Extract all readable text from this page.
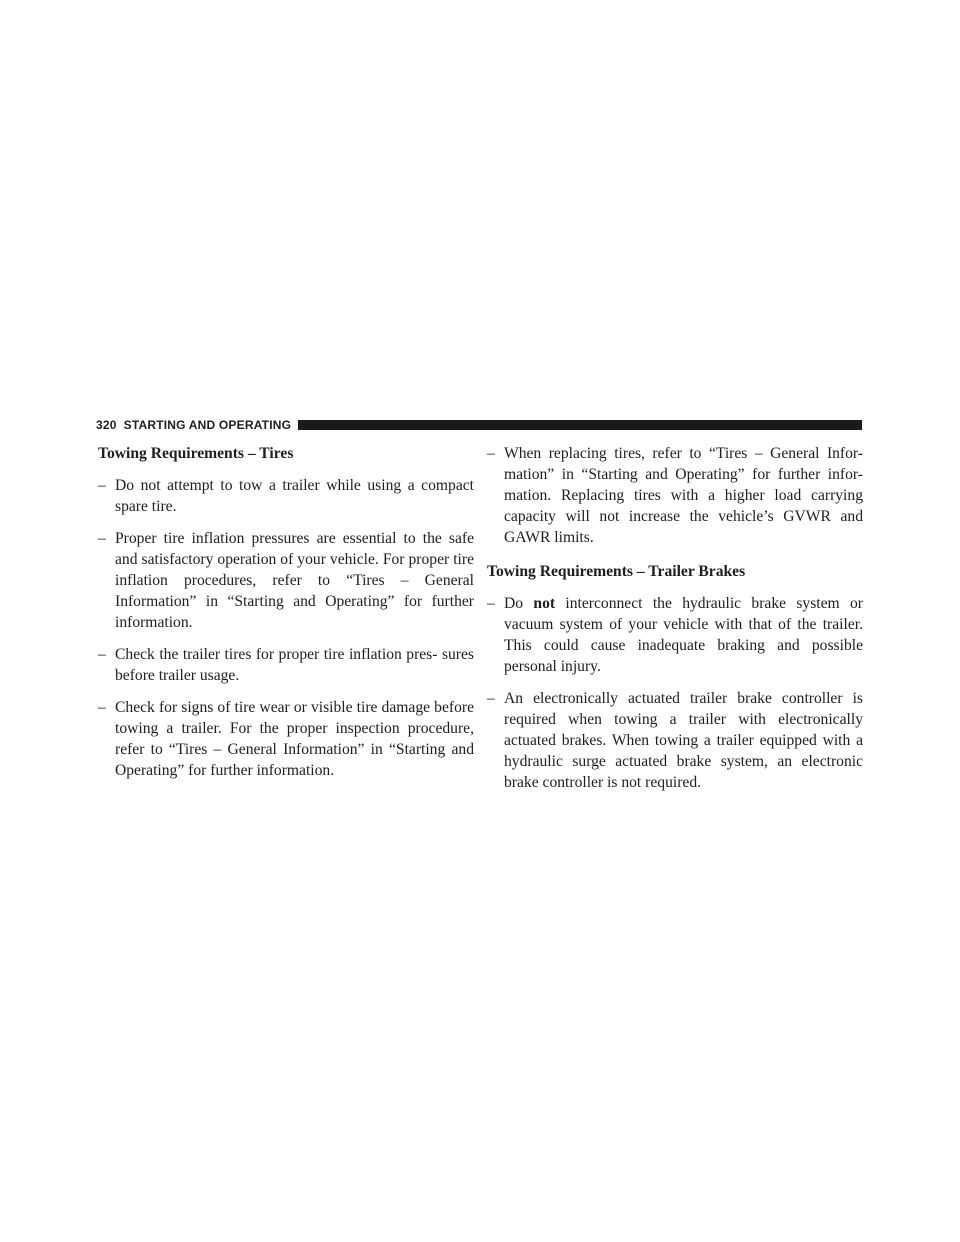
320 STARTING AND OPERATING
Towing Requirements – Tires
– Do not attempt to tow a trailer while using a compact spare tire.
– Proper tire inflation pressures are essential to the safe and satisfactory operation of your vehicle. For proper tire inflation procedures, refer to “Tires – General Information” in “Starting and Operating” for further information.
– Check the trailer tires for proper tire inflation pres- sures before trailer usage.
– Check for signs of tire wear or visible tire damage before towing a trailer. For the proper inspection procedure, refer to “Tires – General Information” in “Starting and Operating” for further information.
– When replacing tires, refer to “Tires – General Infor- mation” in “Starting and Operating” for further infor- mation. Replacing tires with a higher load carrying capacity will not increase the vehicle’s GVWR and GAWR limits.
Towing Requirements – Trailer Brakes
– Do not interconnect the hydraulic brake system or vacuum system of your vehicle with that of the trailer. This could cause inadequate braking and possible personal injury.
– An electronically actuated trailer brake controller is required when towing a trailer with electronically actuated brakes. When towing a trailer equipped with a hydraulic surge actuated brake system, an electronic brake controller is not required.
